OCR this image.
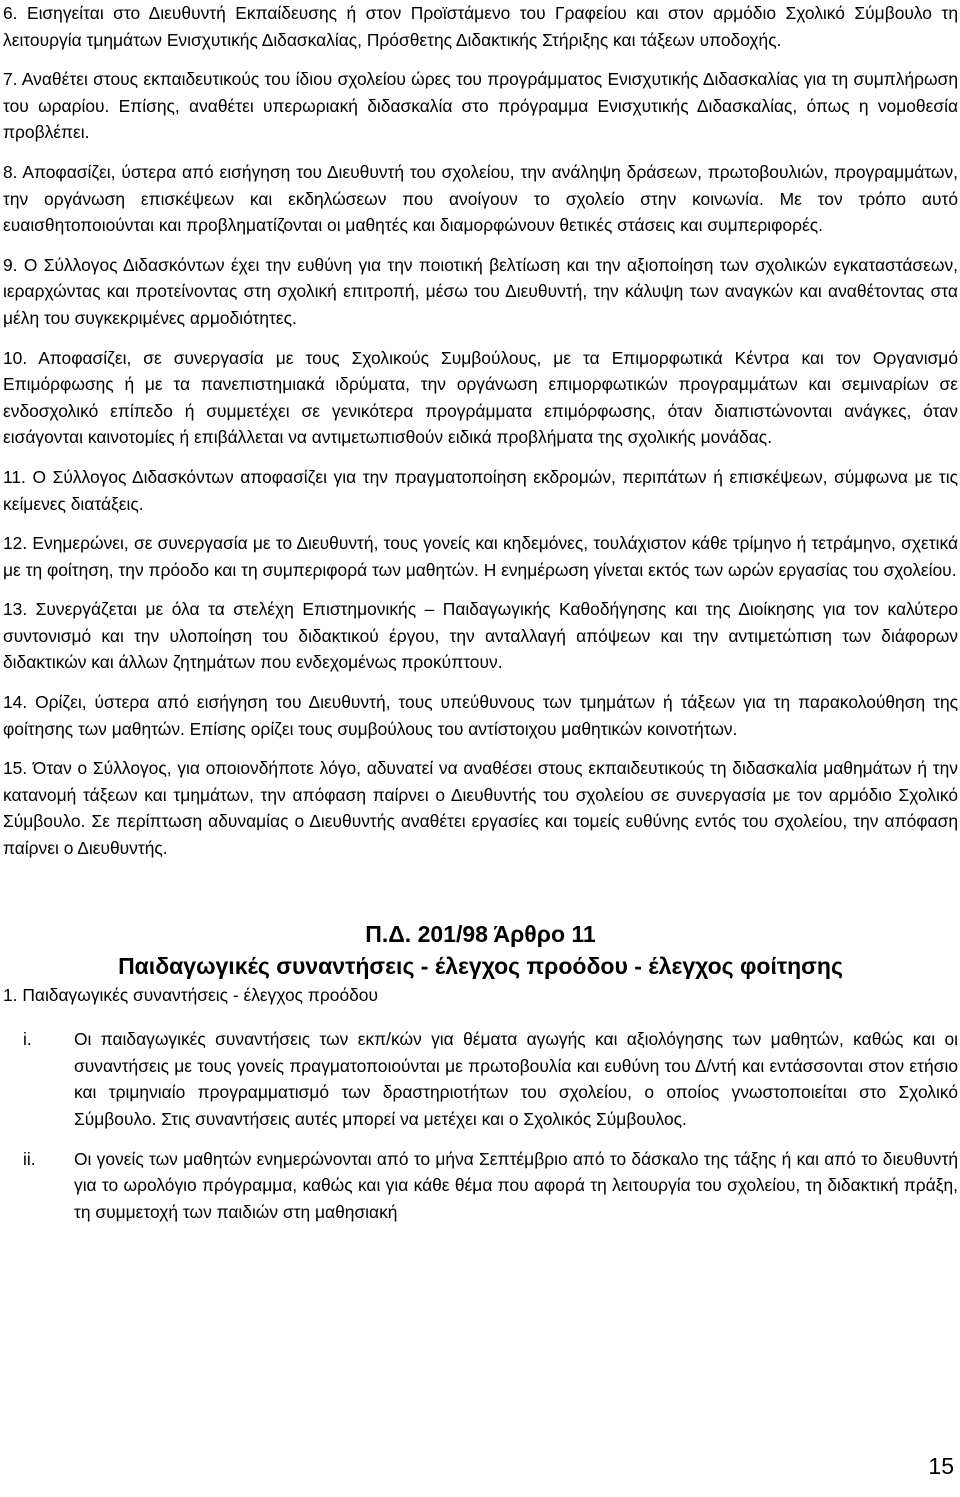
6. Εισηγείται στο Διευθυντή Εκπαίδευσης ή στον Προϊστάμενο του Γραφείου και στον αρμόδιο Σχολικό Σύμβουλο τη λειτουργία τμημάτων Ενισχυτικής Διδασκαλίας, Πρόσθετης Διδακτικής Στήριξης και τάξεων υποδοχής.

7. Αναθέτει στους εκπαιδευτικούς του ίδιου σχολείου ώρες του προγράμματος Ενισχυτικής Διδασκαλίας για τη συμπλήρωση του ωραρίου. Επίσης, αναθέτει υπερωριακή διδασκαλία στο πρόγραμμα Ενισχυτικής Διδασκαλίας, όπως η νομοθεσία προβλέπει.

8. Αποφασίζει, ύστερα από εισήγηση του Διευθυντή του σχολείου, την ανάληψη δράσεων, πρωτοβουλιών, προγραμμάτων, την οργάνωση επισκέψεων και εκδηλώσεων που ανοίγουν το σχολείο στην κοινωνία. Με τον τρόπο αυτό ευαισθητοποιούνται και προβληματίζονται οι μαθητές και διαμορφώνουν θετικές στάσεις και συμπεριφορές.

9. Ο Σύλλογος Διδασκόντων έχει την ευθύνη για την ποιοτική βελτίωση και την αξιοποίηση των σχολικών εγκαταστάσεων, ιεραρχώντας και προτείνοντας στη σχολική επιτροπή, μέσω του Διευθυντή, την κάλυψη των αναγκών και αναθέτοντας στα μέλη του συγκεκριμένες αρμοδιότητες.

10. Αποφασίζει, σε συνεργασία με τους Σχολικούς Συμβούλους, με τα Επιμορφωτικά Κέντρα και τον Οργανισμό Επιμόρφωσης ή με τα πανεπιστημιακά ιδρύματα, την οργάνωση επιμορφωτικών προγραμμάτων και σεμιναρίων σε ενδοσχολικό επίπεδο ή συμμετέχει σε γενικότερα προγράμματα επιμόρφωσης, όταν διαπιστώνονται ανάγκες, όταν εισάγονται καινοτομίες ή επιβάλλεται να αντιμετωπισθούν ειδικά προβλήματα της σχολικής μονάδας.

11. Ο Σύλλογος Διδασκόντων αποφασίζει για την πραγματοποίηση εκδρομών, περιπάτων ή επισκέψεων, σύμφωνα με τις κείμενες διατάξεις.

12. Ενημερώνει, σε συνεργασία με το Διευθυντή, τους γονείς και κηδεμόνες, τουλάχιστον κάθε τρίμηνο ή τετράμηνο, σχετικά με τη φοίτηση, την πρόοδο και τη συμπεριφορά των μαθητών. Η ενημέρωση γίνεται εκτός των ωρών εργασίας του σχολείου.

13. Συνεργάζεται με όλα τα στελέχη Επιστημονικής – Παιδαγωγικής Καθοδήγησης και της Διοίκησης για τον καλύτερο συντονισμό και την υλοποίηση του διδακτικού έργου, την ανταλλαγή απόψεων και την αντιμετώπιση των διάφορων διδακτικών και άλλων ζητημάτων που ενδεχομένως προκύπτουν.

14. Ορίζει, ύστερα από εισήγηση του Διευθυντή, τους υπεύθυνους των τμημάτων ή τάξεων για τη παρακολούθηση της φοίτησης των μαθητών. Επίσης ορίζει τους συμβούλους του αντίστοιχου μαθητικών κοινοτήτων.

15. Όταν ο Σύλλογος, για οποιονδήποτε λόγο, αδυνατεί να αναθέσει στους εκπαιδευτικούς τη διδασκαλία μαθημάτων ή την κατανομή τάξεων και τμημάτων, την απόφαση παίρνει ο Διευθυντής του σχολείου σε συνεργασία με τον αρμόδιο Σχολικό Σύμβουλο. Σε περίπτωση αδυναμίας ο Διευθυντής αναθέτει εργασίες και τομείς ευθύνης εντός του σχολείου, την απόφαση παίρνει ο Διευθυντής.

Π.Δ. 201/98 Άρθρο 11
Παιδαγωγικές συναντήσεις - έλεγχος προόδου - έλεγχος φοίτησης

1. Παιδαγωγικές συναντήσεις - έλεγχος προόδου

i.	Οι παιδαγωγικές συναντήσεις των εκπ/κών για θέματα αγωγής και αξιολόγησης των μαθητών, καθώς και οι συναντήσεις με τους γονείς πραγματοποιούνται με πρωτοβουλία και ευθύνη του Δ/ντή και εντάσσονται στον ετήσιο και τριμηνιαίο προγραμματισμό των δραστηριοτήτων του σχολείου, ο οποίος γνωστοποιείται στο Σχολικό Σύμβουλο. Στις συναντήσεις αυτές μπορεί να μετέχει και ο Σχολικός Σύμβουλος.
ii.	Οι γονείς των μαθητών ενημερώνονται από το μήνα Σεπτέμβριο από το δάσκαλο της τάξης ή και από το διευθυντή για το ωρολόγιο πρόγραμμα, καθώς και για κάθε θέμα που αφορά τη λειτουργία του σχολείου, τη διδακτική πράξη, τη συμμετοχή των παιδιών στη μαθησιακή
15
